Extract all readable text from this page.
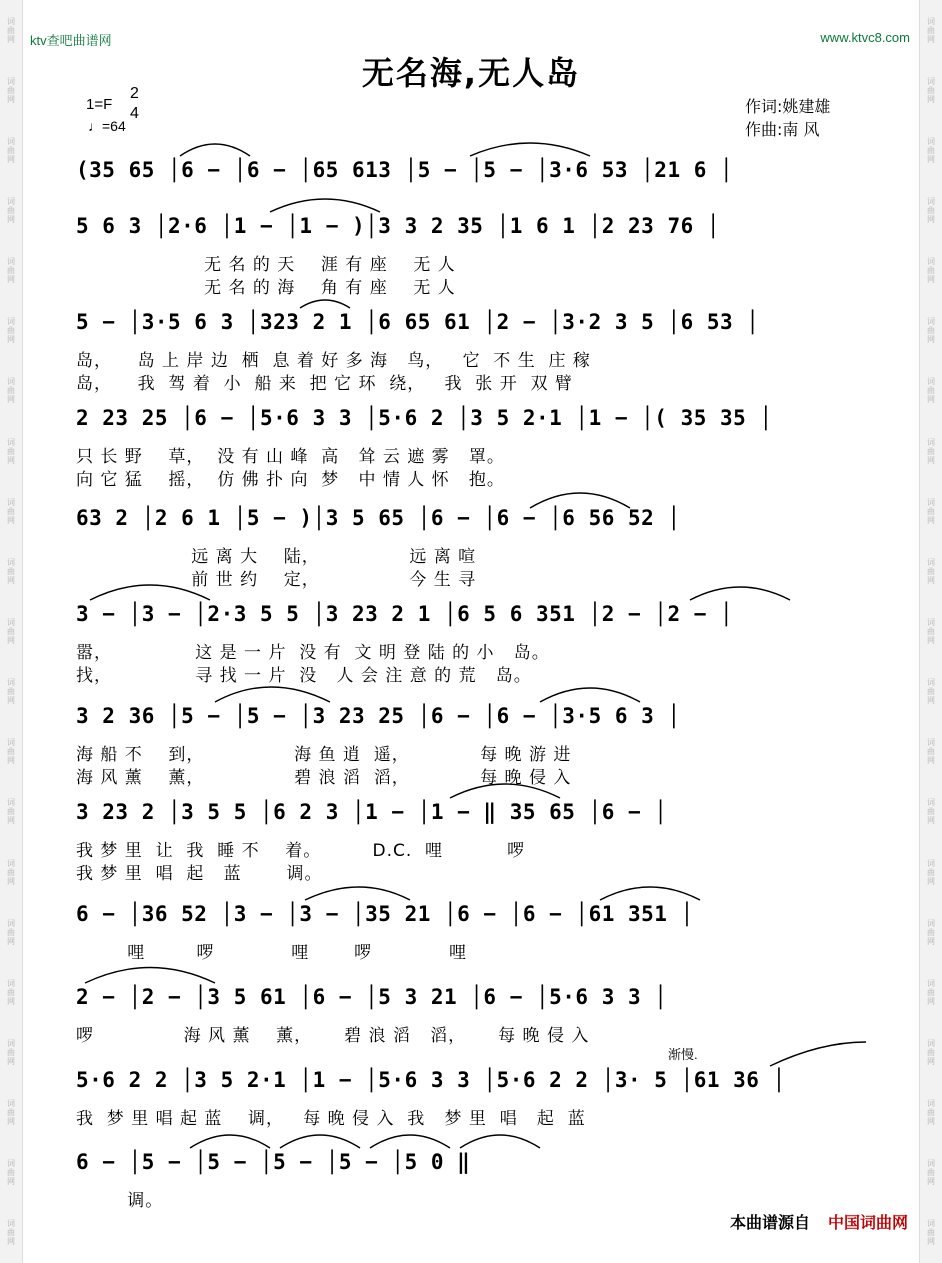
词
曲
网
词
曲
网
词
曲
网
词
曲
网
词
曲
网
词
曲
网
词
曲
网
词
曲
网
词
曲
网
词
曲
网
词
曲
网
词
曲
网
词
曲
网
词
曲
网
词
曲
网
词
曲
网
词
曲
网
词
曲
网
词
曲
网
词
曲
网
词
曲
网
词
曲
网
词
曲
网
词
曲
网
词
曲
网
词
曲
网
词
曲
网
词
曲
网
词
曲
网
词
曲
网
词
曲
网
词
曲
网
词
曲
网
词
曲
网
词
曲
网
词
曲
网
词
曲
网
词
曲
网
词
曲
网
词
曲
网
词
曲
网
词
曲
网
ktv查吧曲谱网	www.ktvc8.com
无名海,无人岛
1=F
2
4
♩=64
作词:姚建雄
作曲:南 风
(35 65 │6 − │6 − │65 613 │5 − │5 − │3·6 53 │21 6 │
5 6 3 │2·6 │1 − │1 − )│3 3 2 35 │1 6 1 │2 23 76 │
无 名 的 天    涯 有 座    无 人
无 名 的 海    角 有 座    无 人
5 − │3·5 6 3 │323 2 1 │6 65 61 │2 − │3·2 3 5 │6 53 │
岛，    岛 上 岸 边  栖  息 着 好 多 海   鸟，   它  不 生  庄 稼
岛，    我  驾 着  小  船 来  把 它 环  绕，   我  张 开  双 臂
2 23 25 │6 − │5·6 3 3 │5·6 2 │3 5 2·1 │1 − │( 35 35 │
只 长 野    草，  没 有 山 峰  高   耸 云 遮 雾   罩。
向 它 猛    摇，  仿 佛 扑 向  梦   中 情 人 怀   抱。
63 2 │2 6 1 │5 − )│3 5 65 │6 − │6 − │6 56 52 │
远 离 大    陆，              远 离 喧
前 世 约    定，              今 生 寻
3 − │3 − │2·3 5 5 │3 23 2 1 │6 5 6 351 │2 − │2 − │
嚣，             这 是 一 片  没 有  文 明 登 陆 的 小   岛。
找，             寻 找 一 片  没   人 会 注 意 的 荒   岛。
3 2 36 │5 − │5 − │3 23 25 │6 − │6 − │3·5 6 3 │
海 船 不    到，              海 鱼 逍  遥，           每 晚 游 进
海 风 薰    薰，              碧 浪 滔  滔，           每 晚 侵 入
3 23 2 │3 5 5 │6 2 3 │1 − │1 − ‖ 35 65 │6 − │
我 梦 里  让  我  睡 不    着。        D.C.  哩          啰
我 梦 里  唱  起   蓝       调。
6 − │36 52 │3 − │3 − │35 21 │6 − │6 − │61 351 │
哩        啰            哩       啰            哩
2 − │2 − │3 5 61 │6 − │5 3 21 │6 − │5·6 3 3 │
啰              海 风 薰    薰，     碧 浪 滔   滔，     每 晚 侵 入
渐慢.
5·6 2 2 │3 5 2·1 │1 − │5·6 3 3 │5·6 2 2 │3· 5 │61 36 │
我  梦 里 唱 起 蓝    调，   每 晚 侵 入  我   梦 里  唱   起  蓝
6 − │5 − │5 − │5 − │5 − │5 0 ‖
调。
本曲谱源自 中国词曲网
